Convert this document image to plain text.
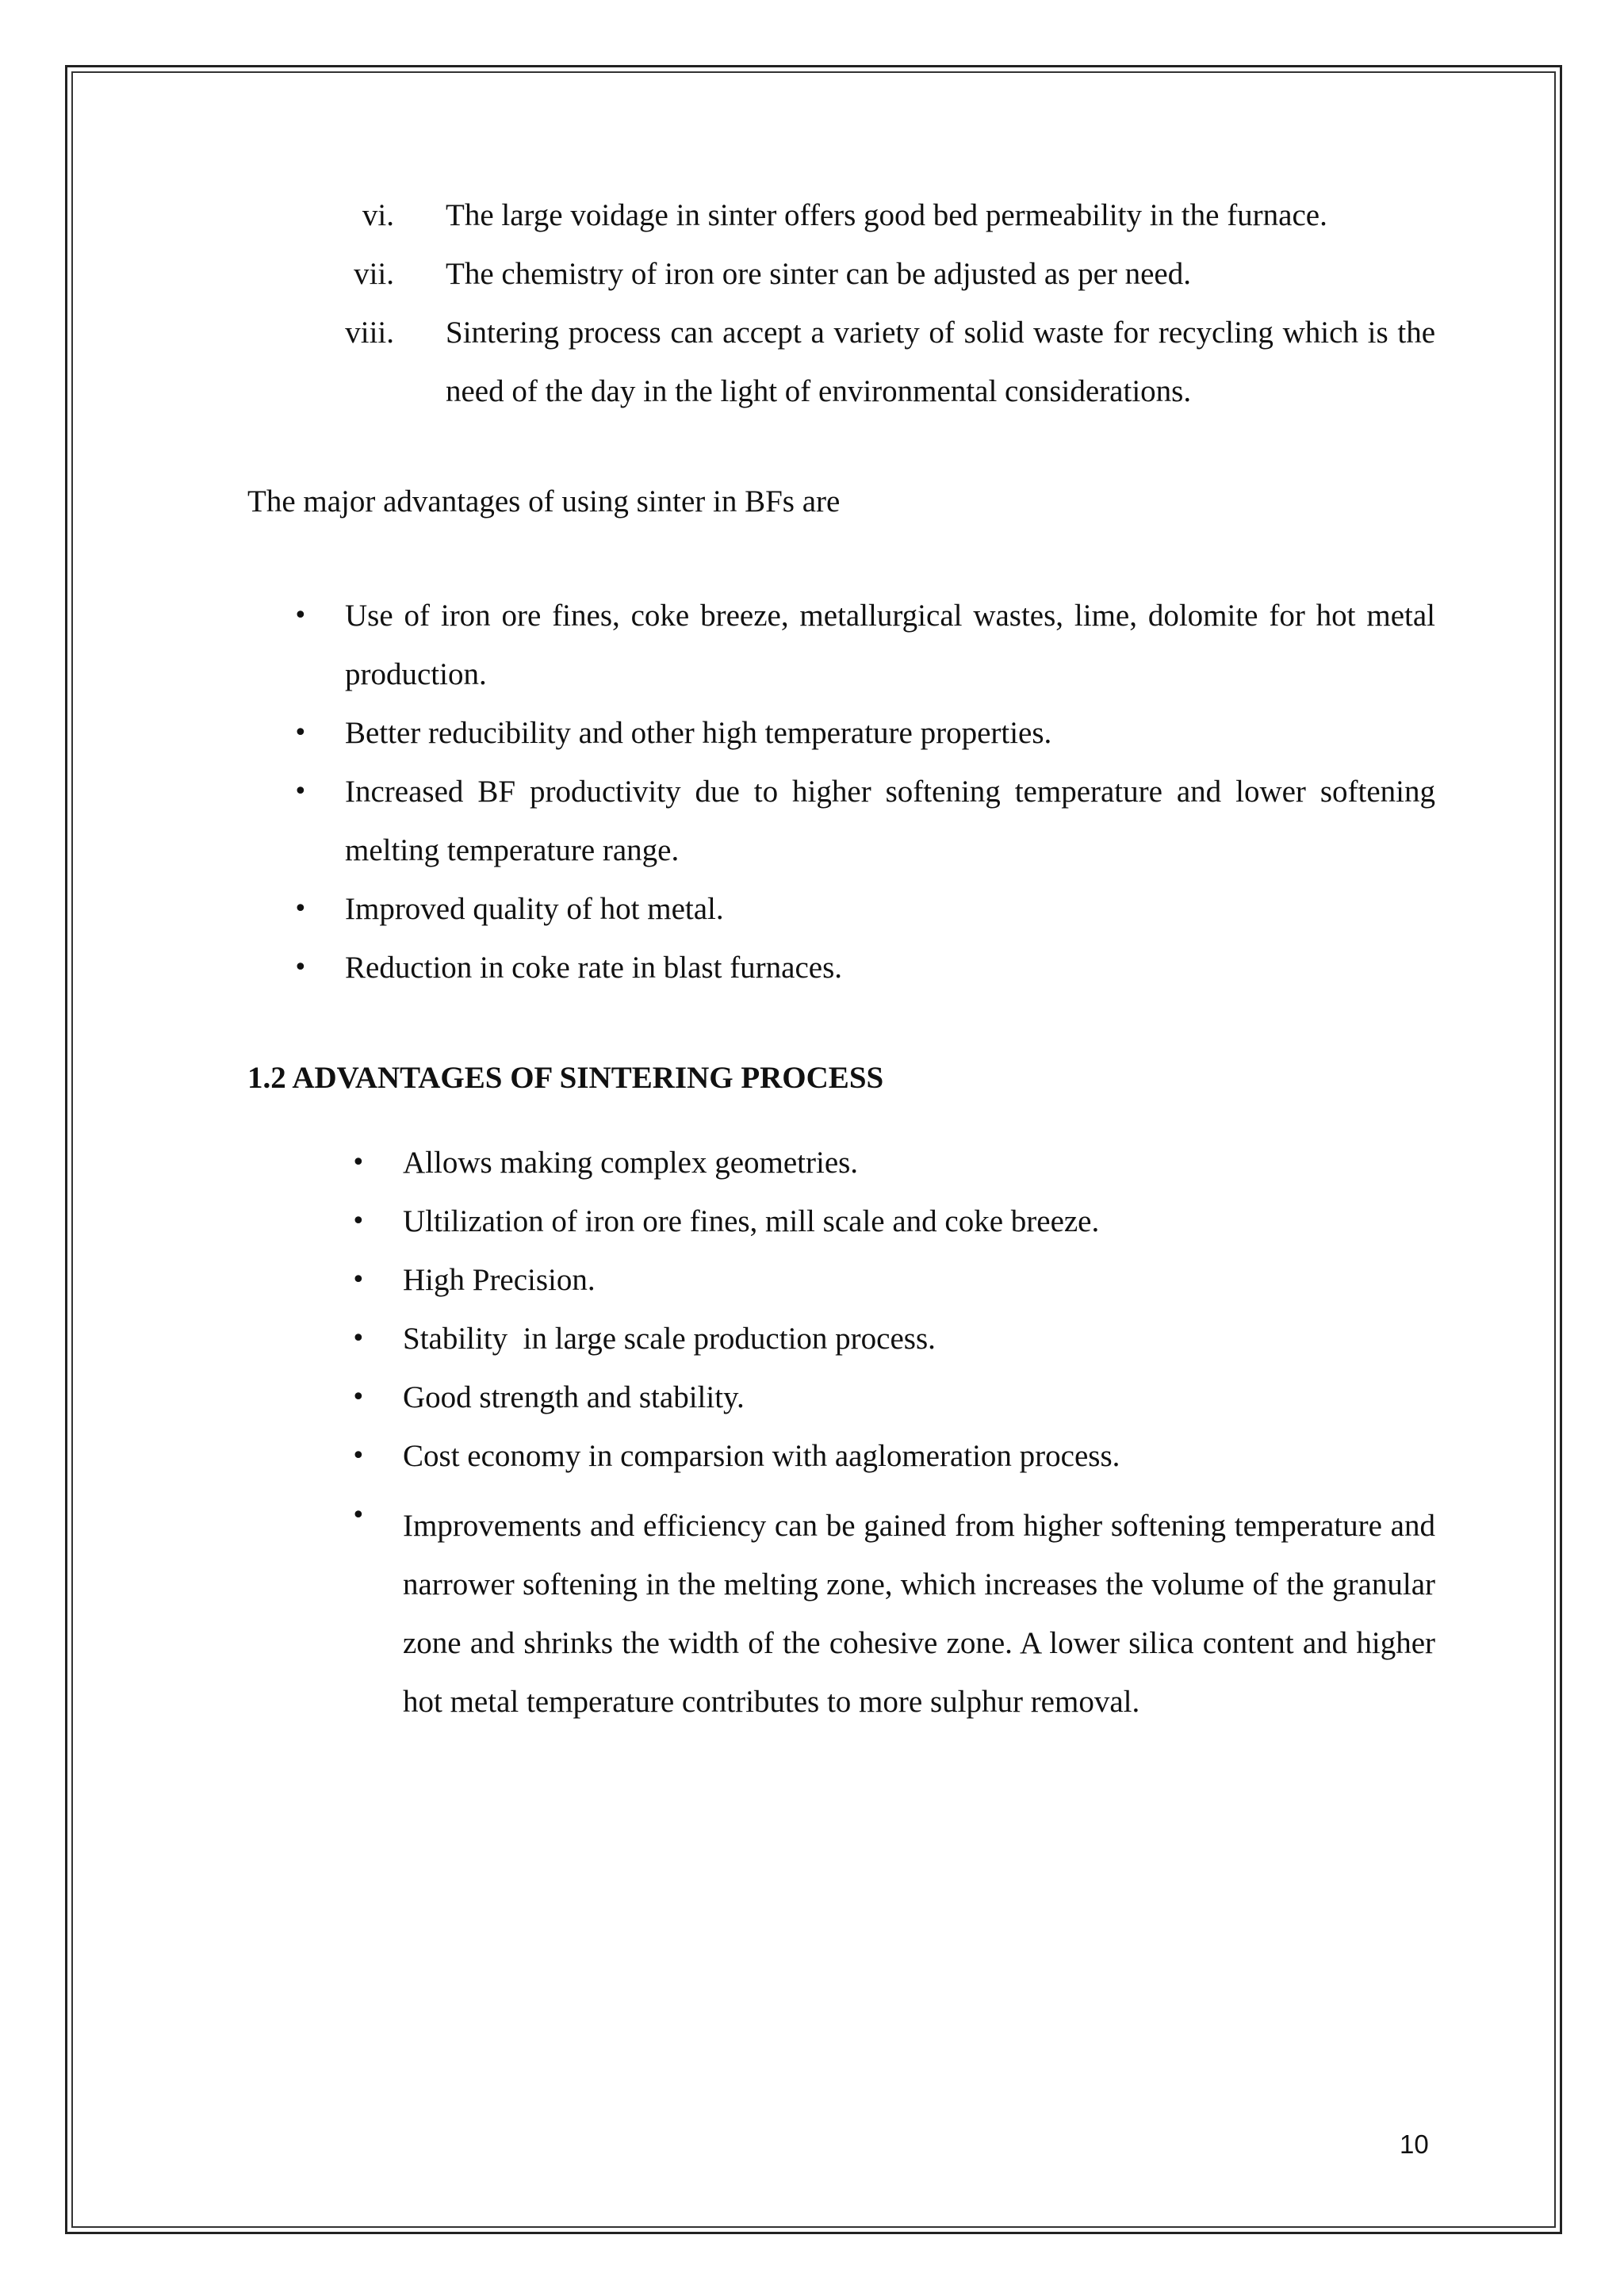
vi. The large voidage in sinter offers good bed permeability in the furnace.
vii. The chemistry of iron ore sinter can be adjusted as per need.
viii. Sintering process can accept a variety of solid waste for recycling which is the need of the day in the light of environmental considerations.

The major advantages of using sinter in BFs are

• Use of iron ore fines, coke breeze, metallurgical wastes, lime, dolomite for hot metal production.
• Better reducibility and other high temperature properties.
• Increased BF productivity due to higher softening temperature and lower softening melting temperature range.
• Improved quality of hot metal.
• Reduction in coke rate in blast furnaces.
1.2 ADVANTAGES OF SINTERING PROCESS
• Allows making complex geometries.
• Ultilization of iron ore fines, mill scale and coke breeze.
• High Precision.
• Stability  in large scale production process.
• Good strength and stability.
• Cost economy in comparsion with aaglomeration process.
• Improvements and efficiency can be gained from higher softening temperature and narrower softening in the melting zone, which increases the volume of the granular zone and shrinks the width of the cohesive zone. A lower silica content and higher hot metal temperature contributes to more sulphur removal.
10
